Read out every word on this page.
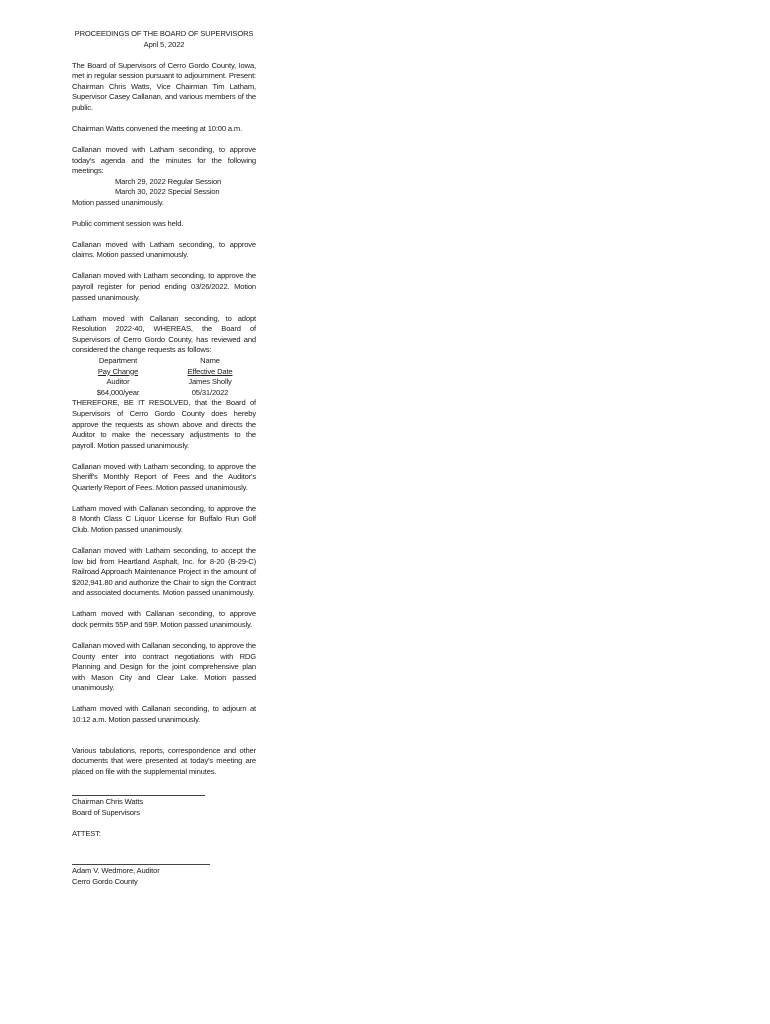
PROCEEDINGS OF THE BOARD OF SUPERVISORS
April 5, 2022

The Board of Supervisors of Cerro Gordo County, Iowa, met in regular session pursuant to adjournment. Present: Chairman Chris Watts, Vice Chairman Tim Latham, Supervisor Casey Callanan, and various members of the public.

Chairman Watts convened the meeting at 10:00 a.m.

Callanan moved with Latham seconding, to approve today's agenda and the minutes for the following meetings:

March 29, 2022 Regular Session
March 30, 2022 Special Session

Motion passed unanimously.

Public comment session was held.

Callanan moved with Latham seconding, to approve claims. Motion passed unanimously.

Callanan moved with Latham seconding, to approve the payroll register for period ending 03/26/2022. Motion passed unanimously.

Latham moved with Callanan seconding, to adopt Resolution 2022-40, WHEREAS, the Board of Supervisors of Cerro Gordo County, has reviewed and considered the change requests as follows:

Department	Name
Pay Change	Effective Date
Auditor	James Sholly
$64,000/year	05/31/2022

THEREFORE, BE IT RESOLVED, that the Board of Supervisors of Cerro Gordo County does hereby approve the requests as shown above and directs the Auditor to make the necessary adjustments to the payroll. Motion passed unanimously.

Callanan moved with Latham seconding, to approve the Sheriff's Monthly Report of Fees and the Auditor's Quarterly Report of Fees. Motion passed unanimously.

Latham moved with Callanan seconding, to approve the 8 Month Class C Liquor License for Buffalo Run Golf Club. Motion passed unanimously.

Callanan moved with Latham seconding, to accept the low bid from Heartland Asphalt, Inc. for 8-20 (B-29-C) Railroad Approach Maintenance Project in the amount of $202,941.80 and authorize the Chair to sign the Contract and associated documents. Motion passed unanimously.

Latham moved with Callanan seconding, to approve dock permits 55P and 59P. Motion passed unanimously.

Callanan moved with Callanan seconding, to approve the County enter into contract negotiations with RDG Planning and Design for the joint comprehensive plan with Mason City and Clear Lake. Motion passed unanimously.

Latham moved with Callanan seconding, to adjourn at 10:12 a.m. Motion passed unanimously.

Various tabulations, reports, correspondence and other documents that were presented at today's meeting are placed on file with the supplemental minutes.

Chairman Chris Watts
Board of Supervisors
ATTEST:
Adam V. Wedmore, Auditor
Cerro Gordo County
